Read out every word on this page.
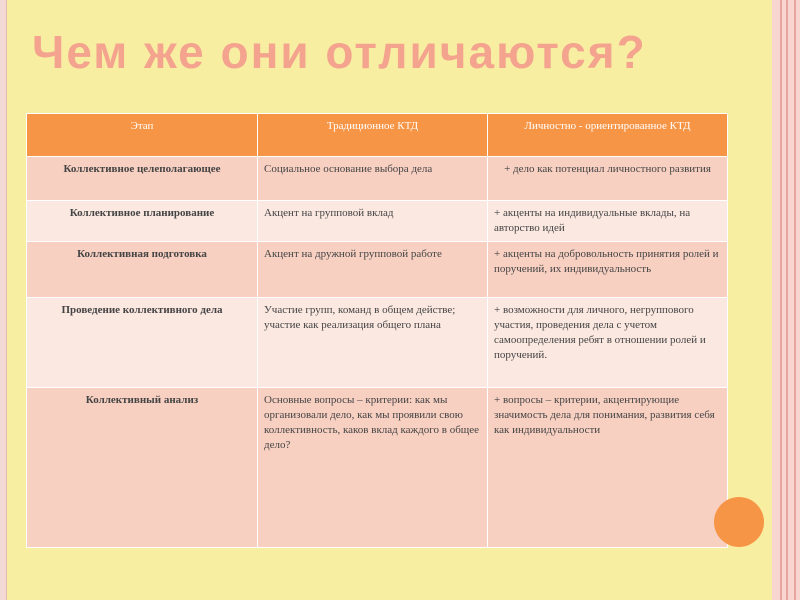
Чем же они отличаются?
Этап	Традиционное КТД	Личностно - ориентированное КТД
Коллективное целеполагающее	Социальное основание выбора дела	+ дело как потенциал личностного развития
Коллективное планирование	Акцент на групповой вклад	+ акценты на индивидуальные вклады, на авторство идей
Коллективная подготовка	Акцент на дружной групповой работе	+ акценты на добровольность принятия ролей и поручений, их индивидуальность
Проведение коллективного дела	Участие групп, команд в общем действе; участие как реализация общего плана	+ возможности для личного, негруппового участия, проведения дела с учетом самоопределения ребят в отношении ролей и поручений.
Коллективный анализ	Основные вопросы – критерии: как мы организовали дело, как мы проявили свою коллективность, каков вклад каждого в общее дело?	+ вопросы – критерии, акцентирующие значимость дела для понимания, развития себя как индивидуальности
